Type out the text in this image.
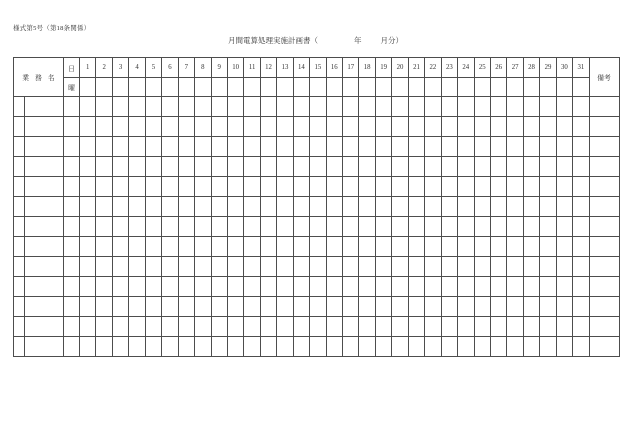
様式第5号（第18条関係）
月間電算処理実施計画書（	年	月分）
業務名		日	1	2	3	4	5	6	7	8	9	10	11	12	13	14	15	16	17	18	19	20	21	22	23	24	25	26	27	28	29	30	31	備考
		曜																																
